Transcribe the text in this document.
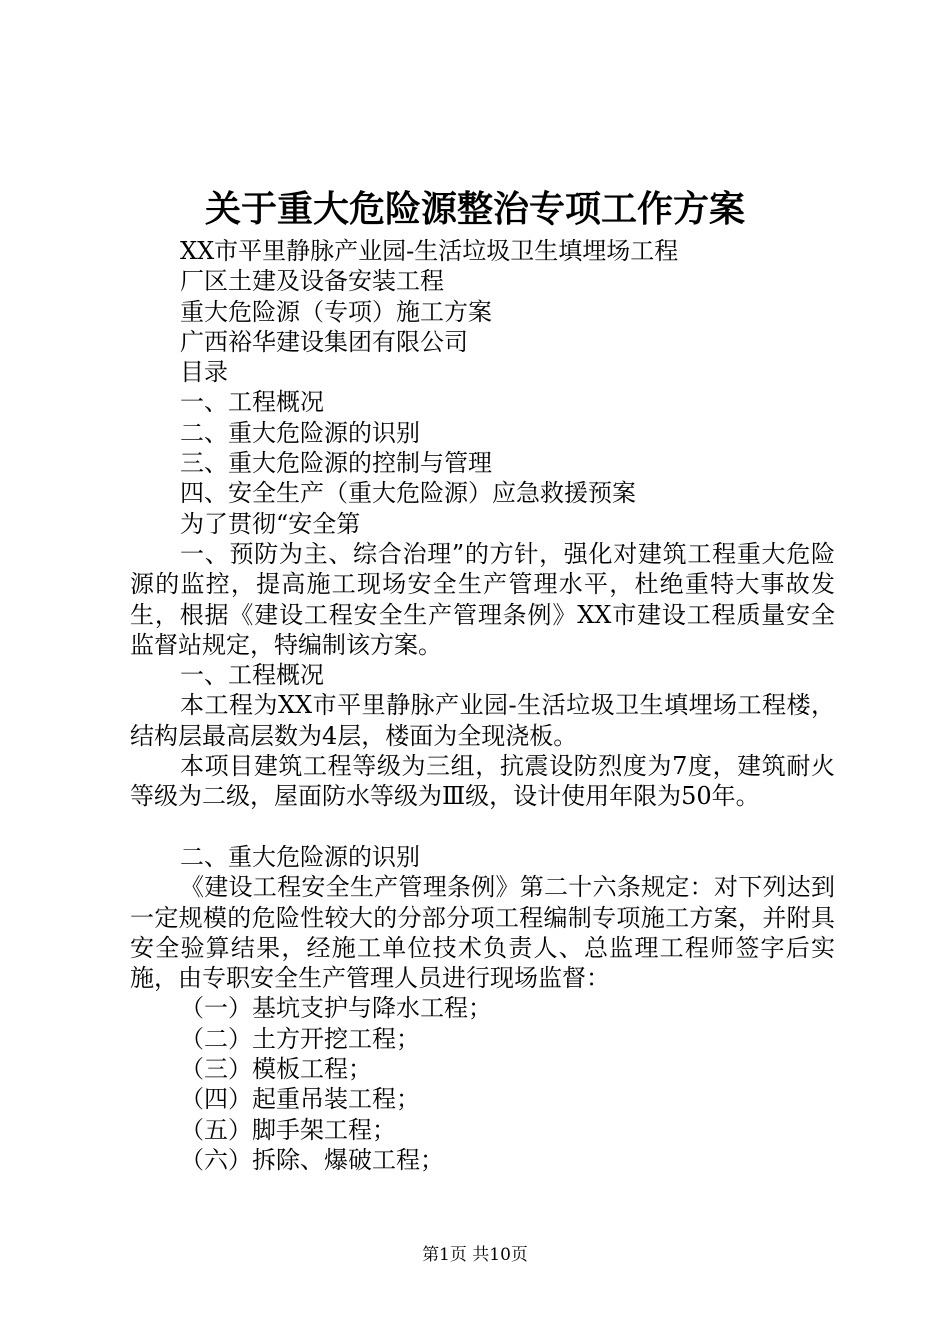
关于重大危险源整治专项工作方案
XX市平里静脉产业园-生活垃圾卫生填埋场工程
厂区土建及设备安装工程
重大危险源（专项）施工方案
广西裕华建设集团有限公司
目录
一、工程概况
二、重大危险源的识别
三、重大危险源的控制与管理
四、安全生产（重大危险源）应急救援预案
为了贯彻“安全第
一、预防为主、综合治理”的方针，强化对建筑工程重大危险源的监控，提高施工现场安全生产管理水平，杜绝重特大事故发生，根据《建设工程安全生产管理条例》XX市建设工程质量安全监督站规定，特编制该方案。
一、工程概况
本工程为XX市平里静脉产业园-生活垃圾卫生填埋场工程楼，结构层最高层数为4层，楼面为全现浇板。
本项目建筑工程等级为三组，抗震设防烈度为7度，建筑耐火等级为二级，屋面防水等级为Ⅲ级，设计使用年限为50年。
二、重大危险源的识别
《建设工程安全生产管理条例》第二十六条规定：对下列达到一定规模的危险性较大的分部分项工程编制专项施工方案，并附具安全验算结果，经施工单位技术负责人、总监理工程师签字后实施，由专职安全生产管理人员进行现场监督：
（一）基坑支护与降水工程；
（二）土方开挖工程；
（三）模板工程；
（四）起重吊装工程；
（五）脚手架工程；
（六）拆除、爆破工程；
第1页 共10页
